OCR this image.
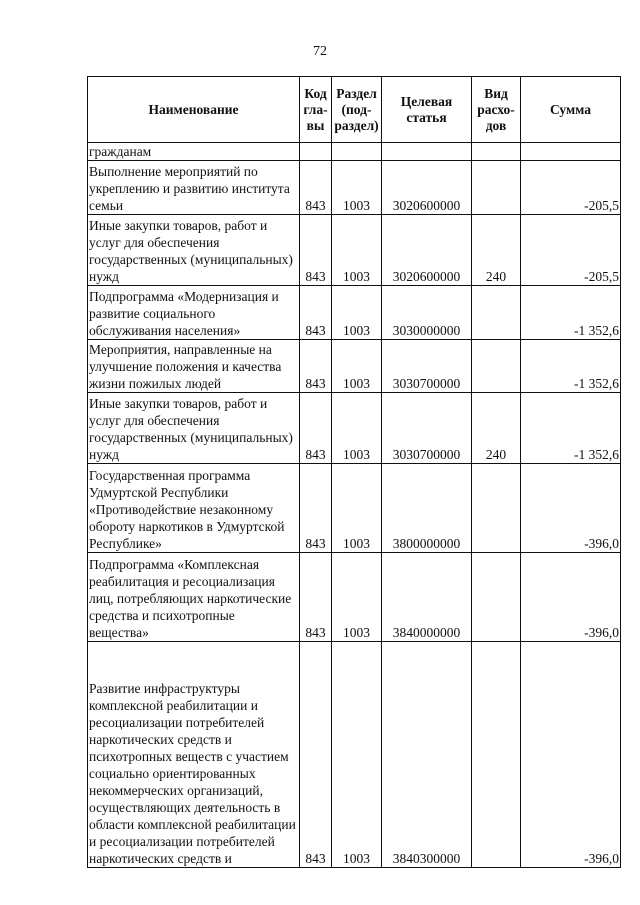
72
Наименование	Код гла-вы	Раздел (под-раздел)	Целевая статья	Вид расхо-дов	Сумма
гражданам					
Выполнение мероприятий по укреплению и развитию института семьи	843	1003	3020600000		-205,5
Иные закупки товаров, работ и услуг для обеспечения государственных (муниципальных) нужд	843	1003	3020600000	240	-205,5
Подпрограмма «Модернизация и развитие социального обслуживания населения»	843	1003	3030000000		-1 352,6
Мероприятия, направленные на улучшение положения и качества жизни пожилых людей	843	1003	3030700000		-1 352,6
Иные закупки товаров, работ и услуг для обеспечения государственных (муниципальных) нужд	843	1003	3030700000	240	-1 352,6
Государственная программа Удмуртской Республики «Противодействие незаконному обороту наркотиков в Удмуртской Республике»	843	1003	3800000000		-396,0
Подпрограмма «Комплексная реабилитация и ресоциализация лиц, потребляющих наркотические средства и психотропные вещества»	843	1003	3840000000		-396,0
Развитие инфраструктуры комплексной реабилитации и ресоциализации потребителей наркотических средств и психотропных веществ с участием социально ориентированных некоммерческих организаций, осуществляющих деятельность в области комплексной реабилитации и ресоциализации потребителей наркотических средств и	843	1003	3840300000		-396,0
